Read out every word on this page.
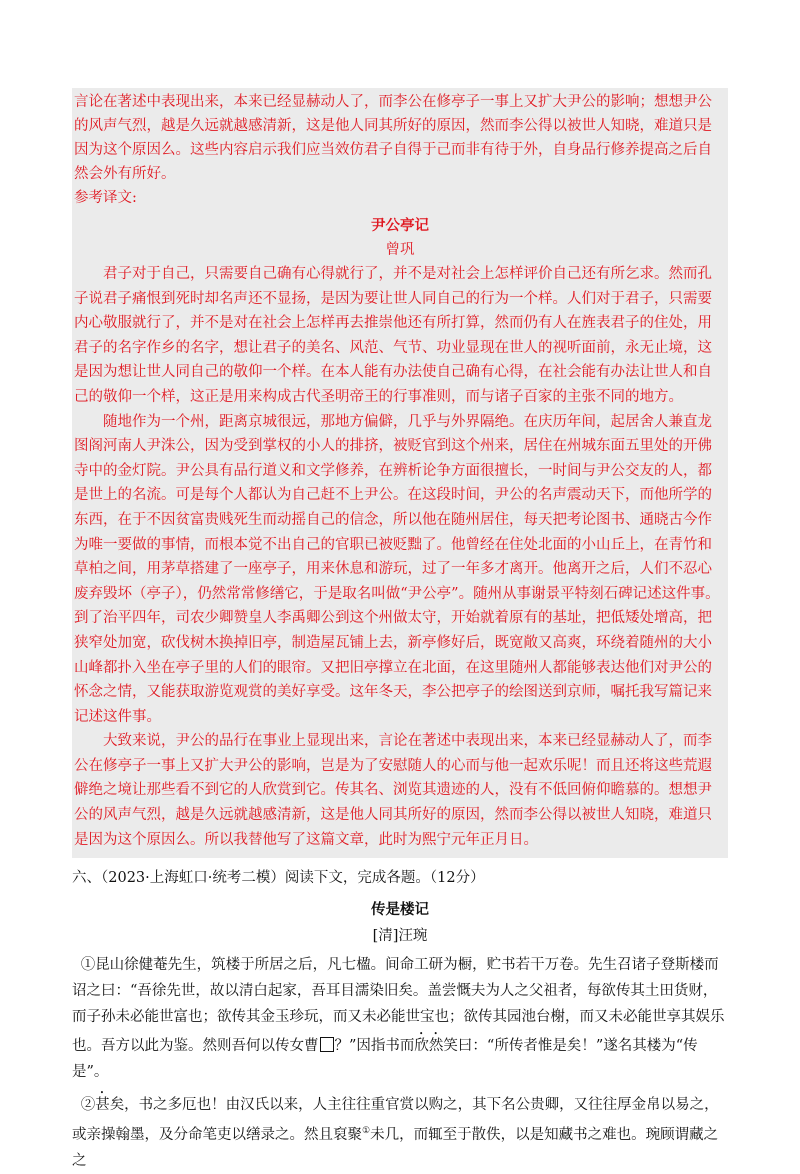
言论在著述中表现出来，本来已经显赫动人了，而李公在修亭子一事上又扩大尹公的影响；想想尹公的风声气烈，越是久远就越感清新，这是他人同其所好的原因，然而李公得以被世人知晓，难道只是因为这个原因么。这些内容启示我们应当效仿君子自得于己而非有待于外，自身品行修养提高之后自然会外有所好。

参考译文:

尹公亭记

曾巩

君子对于自己，只需要自己确有心得就行了，并不是对社会上怎样评价自己还有所乞求。然而孔子说君子痛恨到死时却名声还不显扬，是因为要让世人同自己的行为一个样。人们对于君子，只需要内心敬服就行了，并不是对在社会上怎样再去推崇他还有所打算，然而仍有人在旌表君子的住处，用君子的名字作乡的名字，想让君子的美名、风范、气节、功业显现在世人的视听面前，永无止境，这是因为想让世人同自己的敬仰一个样。在本人能有办法使自己确有心得，在社会能有办法让世人和自己的敬仰一个样，这正是用来构成古代圣明帝王的行事准则，而与诸子百家的主张不同的地方。

随地作为一个州，距离京城很远，那地方偏僻，几乎与外界隔绝。在庆历年间，起居舍人兼直龙图阁河南人尹洙公，因为受到掌权的小人的排挤，被贬官到这个州来，居住在州城东面五里处的开佛寺中的金灯院。尹公具有品行道义和文学修养，在辨析论争方面很擅长，一时间与尹公交友的人，都是世上的名流。可是每个人都认为自己赶不上尹公。在这段时间，尹公的名声震动天下，而他所学的东西，在于不因贫富贵贱死生而动摇自己的信念，所以他在随州居住，每天把考论图书、通晓古今作为唯一要做的事情，而根本觉不出自己的官职已被贬黜了。他曾经在住处北面的小山丘上，在青竹和草柏之间，用茅草搭建了一座亭子，用来休息和游玩，过了一年多才离开。他离开之后，人们不忍心废弃毁坏（亭子），仍然常常修缮它，于是取名叫做“尹公亭”。随州从事谢景平特刻石碑记述这件事。到了治平四年，司农少卿赞皇人李禹卿公到这个州做太守，开始就着原有的基址，把低矮处增高，把狭窄处加宽，砍伐树木换掉旧亭，制造屋瓦铺上去，新亭修好后，既宽敞又高爽，环绕着随州的大小山峰都扑入坐在亭子里的人们的眼帘。又把旧亭撑立在北面，在这里随州人都能够表达他们对尹公的怀念之情，又能获取游览观赏的美好享受。这年冬天，李公把亭子的绘图送到京师，嘱托我写篇记来记述这件事。

大致来说，尹公的品行在事业上显现出来，言论在著述中表现出来，本来已经显赫动人了，而李公在修亭子一事上又扩大尹公的影响，岂是为了安慰随人的心而与他一起欢乐呢！而且还将这些荒遐僻绝之境让那些看不到它的人欣赏到它。传其名、浏览其遗迹的人，没有不低回俯仰瞻慕的。想想尹公的风声气烈，越是久远就越感清新，这是他人同其所好的原因，然而李公得以被世人知晓，难道只是因为这个原因么。所以我替他写了这篇文章，此时为熙宁元年正月日。

六、（2023·上海虹口·统考二模）阅读下文，完成各题。（12分）

传是楼记

[清]汪琬

①昆山徐健菴先生，筑楼于所居之后，凡七楹。间命工研为橱，贮书若干万卷。先生召诸子登斯楼而诏之曰：“吾徐先世，故以清白起家，吾耳目濡染旧矣。盖尝慨夫为人之父祖者，每欲传其土田货财，而子孙未必能世富也；欲传其金玉珍玩，而又未必能世宝也；欲传其园池台榭，而又未必能世享其娱乐也。吾方以此为鉴。然则吾何以传女曹 ？”因指书而欣然笑曰：“所传者惟是矣！”遂名其楼为“传是”。

②甚矣，书之多厄也！由汉氏以来，人主往往重官赏以购之，其下名公贵卿，又往往厚金帛以易之，或亲操翰墨，及分命笔吏以缮录之。然且裒聚①未几，而辄至于散佚，以是知藏书之难也。琬顾谓藏之之
